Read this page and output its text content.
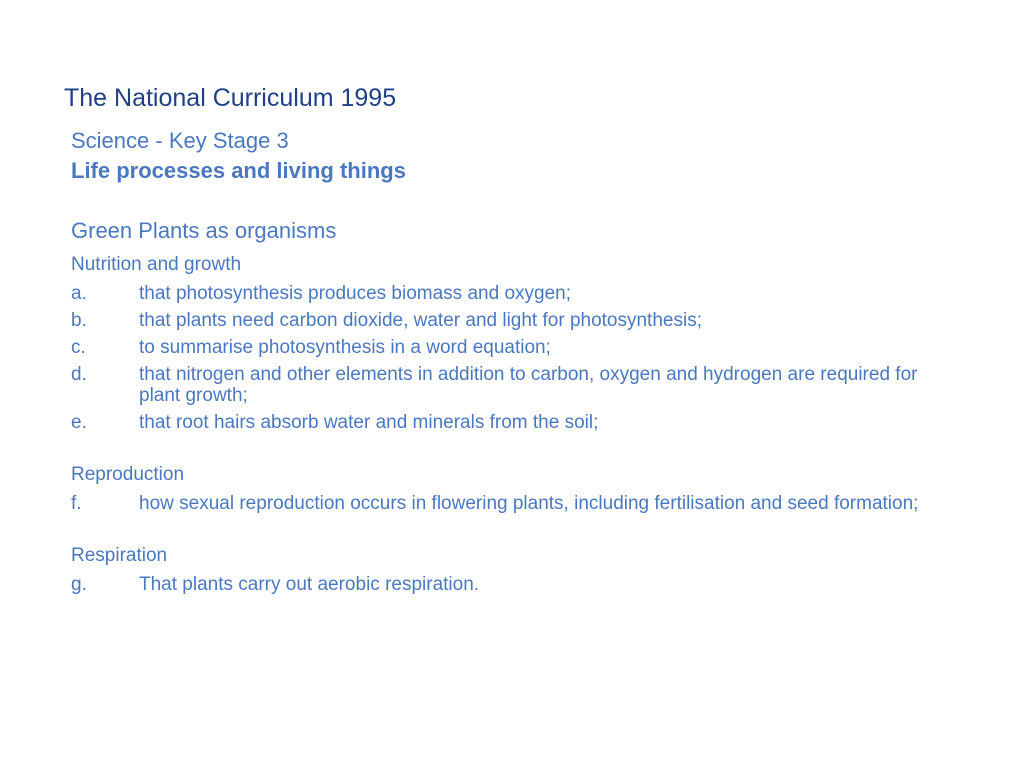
The National Curriculum 1995
Science - Key Stage 3
Life processes and living things
Green Plants as organisms
Nutrition and growth
a.	that photosynthesis produces biomass and oxygen;
b.	that plants need carbon dioxide, water and light for photosynthesis;
c.	to summarise photosynthesis in a word equation;
d.	that nitrogen and other elements in addition to carbon, oxygen and hydrogen are required for plant growth;
e.	that root hairs absorb water and minerals from the soil;
Reproduction
f.	how sexual reproduction occurs in flowering plants, including fertilisation and seed formation;
Respiration
g.	That plants carry out aerobic respiration.
